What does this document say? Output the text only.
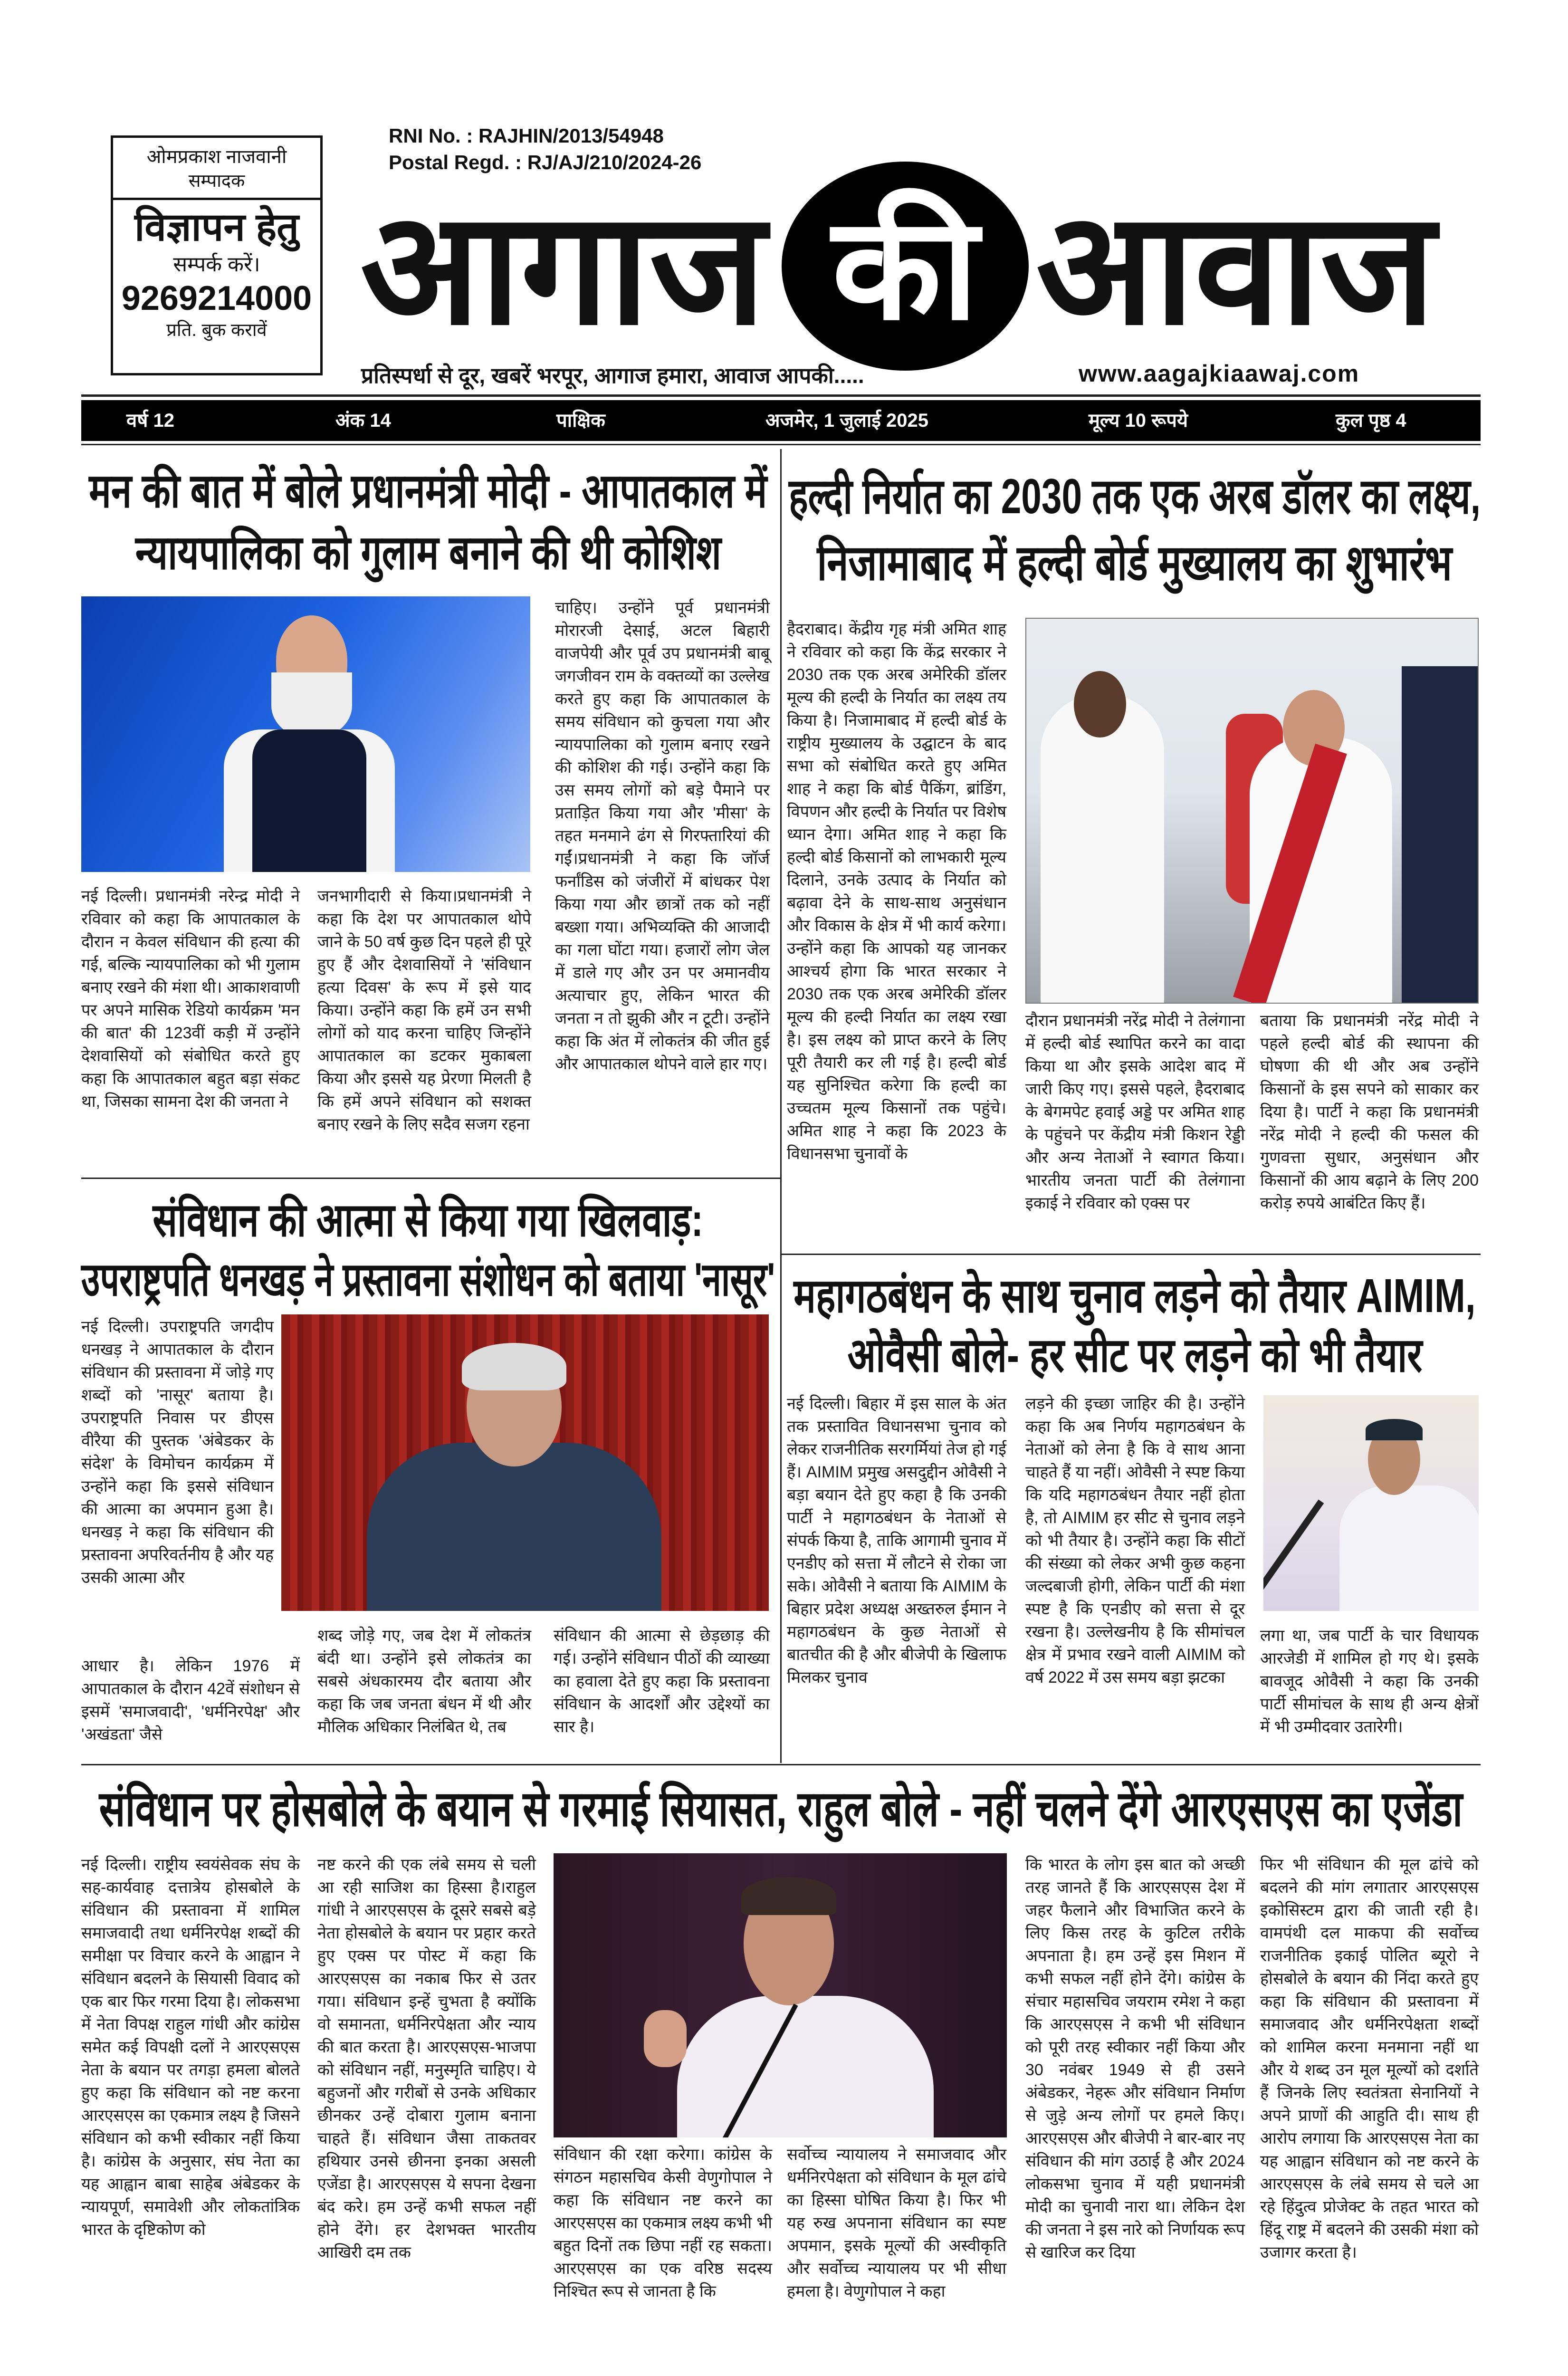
ओमप्रकाश नाजवानी
सम्पादक
विज्ञापन हेतु
सम्पर्क करें।
9269214000
प्रति. बुक करावें
RNI No. : RAJHIN/2013/54948
Postal Regd. : RJ/AJ/210/2024-26
आगाज की आवाज
प्रतिस्पर्धा से दूर, खबरें भरपूर, आगाज हमारा, आवाज आपकी.....	www.aagajkiaawaj.com
वर्ष 12	अंक 14	पाक्षिक	अजमेर, 1 जुलाई 2025	मूल्य 10 रूपये	कुल पृष्ठ 4
मन की बात में बोले प्रधानमंत्री मोदी - आपातकाल में
न्यायपालिका को गुलाम बनाने की थी कोशिश
नई दिल्ली। प्रधानमंत्री नरेन्द्र मोदी ने रविवार को कहा कि आपातकाल के दौरान न केवल संविधान की हत्या की गई, बल्कि न्यायपालिका को भी गुलाम बनाए रखने की मंशा थी। आकाशवाणी पर अपने मासिक रेडियो कार्यक्रम 'मन की बात' की 123वीं कड़ी में उन्होंने देशवासियों को संबोधित करते हुए कहा कि आपातकाल बहुत बड़ा संकट था, जिसका सामना देश की जनता ने
जनभागीदारी से किया।प्रधानमंत्री ने कहा कि देश पर आपातकाल थोपे जाने के 50 वर्ष कुछ दिन पहले ही पूरे हुए हैं और देशवासियों ने 'संविधान हत्या दिवस' के रूप में इसे याद किया। उन्होंने कहा कि हमें उन सभी लोगों को याद करना चाहिए जिन्होंने आपातकाल का डटकर मुकाबला किया और इससे यह प्रेरणा मिलती है कि हमें अपने संविधान को सशक्त बनाए रखने के लिए सदैव सजग रहना
चाहिए। उन्होंने पूर्व प्रधानमंत्री मोरारजी देसाई, अटल बिहारी वाजपेयी और पूर्व उप प्रधानमंत्री बाबू जगजीवन राम के वक्तव्यों का उल्लेख करते हुए कहा कि आपातकाल के समय संविधान को कुचला गया और न्यायपालिका को गुलाम बनाए रखने की कोशिश की गई। उन्होंने कहा कि उस समय लोगों को बड़े पैमाने पर प्रताड़ित किया गया और 'मीसा' के तहत मनमाने ढंग से गिरफ्तारियां की गईं।प्रधानमंत्री ने कहा कि जॉर्ज फर्नांडिस को जंजीरों में बांधकर पेश किया गया और छात्रों तक को नहीं बख्शा गया। अभिव्यक्ति की आजादी का गला घोंटा गया। हजारों लोग जेल में डाले गए और उन पर अमानवीय अत्याचार हुए, लेकिन भारत की जनता न तो झुकी और न टूटी। उन्होंने कहा कि अंत में लोकतंत्र की जीत हुई और आपातकाल थोपने वाले हार गए।
हल्दी निर्यात का 2030 तक एक अरब डॉलर का लक्ष्य,
निजामाबाद में हल्दी बोर्ड मुख्यालय का शुभारंभ
हैदराबाद। केंद्रीय गृह मंत्री अमित शाह ने रविवार को कहा कि केंद्र सरकार ने 2030 तक एक अरब अमेरिकी डॉलर मूल्य की हल्दी के निर्यात का लक्ष्य तय किया है। निजामाबाद में हल्दी बोर्ड के राष्ट्रीय मुख्यालय के उद्घाटन के बाद सभा को संबोधित करते हुए अमित शाह ने कहा कि बोर्ड पैकिंग, ब्रांडिंग, विपणन और हल्दी के निर्यात पर विशेष ध्यान देगा। अमित शाह ने कहा कि हल्दी बोर्ड किसानों को लाभकारी मूल्य दिलाने, उनके उत्पाद के निर्यात को बढ़ावा देने के साथ-साथ अनुसंधान और विकास के क्षेत्र में भी कार्य करेगा। उन्होंने कहा कि आपको यह जानकर आश्चर्य होगा कि भारत सरकार ने 2030 तक एक अरब अमेरिकी डॉलर मूल्य की हल्दी निर्यात का लक्ष्य रखा है। इस लक्ष्य को प्राप्त करने के लिए पूरी तैयारी कर ली गई है। हल्दी बोर्ड यह सुनिश्चित करेगा कि हल्दी का उच्चतम मूल्य किसानों तक पहुंचे। अमित शाह ने कहा कि 2023 के विधानसभा चुनावों के
दौरान प्रधानमंत्री नरेंद्र मोदी ने तेलंगाना में हल्दी बोर्ड स्थापित करने का वादा किया था और इसके आदेश बाद में जारी किए गए। इससे पहले, हैदराबाद के बेगमपेट हवाई अड्डे पर अमित शाह के पहुंचने पर केंद्रीय मंत्री किशन रेड्डी और अन्य नेताओं ने स्वागत किया। भारतीय जनता पार्टी की तेलंगाना इकाई ने रविवार को एक्स पर
बताया कि प्रधानमंत्री नरेंद्र मोदी ने पहले हल्दी बोर्ड की स्थापना की घोषणा की थी और अब उन्होंने किसानों के इस सपने को साकार कर दिया है। पार्टी ने कहा कि प्रधानमंत्री नरेंद्र मोदी ने हल्दी की फसल की गुणवत्ता सुधार, अनुसंधान और किसानों की आय बढ़ाने के लिए 200 करोड़ रुपये आबंटित किए हैं।
संविधान की आत्मा से किया गया खिलवाड़:
उपराष्ट्रपति धनखड़ ने प्रस्तावना संशोधन को बताया 'नासूर'
नई दिल्ली। उपराष्ट्रपति जगदीप धनखड़ ने आपातकाल के दौरान संविधान की प्रस्तावना में जोड़े गए शब्दों को 'नासूर' बताया है। उपराष्ट्रपति निवास पर डीएस वीरैया की पुस्तक 'अंबेडकर के संदेश' के विमोचन कार्यक्रम में उन्होंने कहा कि इससे संविधान की आत्मा का अपमान हुआ है। धनखड़ ने कहा कि संविधान की प्रस्तावना अपरिवर्तनीय है और यह उसकी आत्मा और
आधार है। लेकिन 1976 में आपातकाल के दौरान 42वें संशोधन से इसमें 'समाजवादी', 'धर्मनिरपेक्ष' और 'अखंडता' जैसे
शब्द जोड़े गए, जब देश में लोकतंत्र बंदी था। उन्होंने इसे लोकतंत्र का सबसे अंधकारमय दौर बताया और कहा कि जब जनता बंधन में थी और मौलिक अधिकार निलंबित थे, तब
संविधान की आत्मा से छेड़छाड़ की गई। उन्होंने संविधान पीठों की व्याख्या का हवाला देते हुए कहा कि प्रस्तावना संविधान के आदर्शों और उद्देश्यों का सार है।
महागठबंधन के साथ चुनाव लड़ने को तैयार AIMIM,
ओवैसी बोले- हर सीट पर लड़ने को भी तैयार
नई दिल्ली। बिहार में इस साल के अंत तक प्रस्तावित विधानसभा चुनाव को लेकर राजनीतिक सरगर्मियां तेज हो गई हैं। AIMIM प्रमुख असदुद्दीन ओवैसी ने बड़ा बयान देते हुए कहा है कि उनकी पार्टी ने महागठबंधन के नेताओं से संपर्क किया है, ताकि आगामी चुनाव में एनडीए को सत्ता में लौटने से रोका जा सके। ओवैसी ने बताया कि AIMIM के बिहार प्रदेश अध्यक्ष अख्तरुल ईमान ने महागठबंधन के कुछ नेताओं से बातचीत की है और बीजेपी के खिलाफ मिलकर चुनाव
लड़ने की इच्छा जाहिर की है। उन्होंने कहा कि अब निर्णय महागठबंधन के नेताओं को लेना है कि वे साथ आना चाहते हैं या नहीं। ओवैसी ने स्पष्ट किया कि यदि महागठबंधन तैयार नहीं होता है, तो AIMIM हर सीट से चुनाव लड़ने को भी तैयार है। उन्होंने कहा कि सीटों की संख्या को लेकर अभी कुछ कहना जल्दबाजी होगी, लेकिन पार्टी की मंशा स्पष्ट है कि एनडीए को सत्ता से दूर रखना है। उल्लेखनीय है कि सीमांचल क्षेत्र में प्रभाव रखने वाली AIMIM को वर्ष 2022 में उस समय बड़ा झटका
लगा था, जब पार्टी के चार विधायक आरजेडी में शामिल हो गए थे। इसके बावजूद ओवैसी ने कहा कि उनकी पार्टी सीमांचल के साथ ही अन्य क्षेत्रों में भी उम्मीदवार उतारेगी।
संविधान पर होसबोले के बयान से गरमाई सियासत, राहुल बोले - नहीं चलने देंगे आरएसएस का एजेंडा
नई दिल्ली। राष्ट्रीय स्वयंसेवक संघ के सह-कार्यवाह दत्तात्रेय होसबोले के संविधान की प्रस्तावना में शामिल समाजवादी तथा धर्मनिरपेक्ष शब्दों की समीक्षा पर विचार करने के आह्वान ने संविधान बदलने के सियासी विवाद को एक बार फिर गरमा दिया है। लोकसभा में नेता विपक्ष राहुल गांधी और कांग्रेस समेत कई विपक्षी दलों ने आरएसएस नेता के बयान पर तगड़ा हमला बोलते हुए कहा कि संविधान को नष्ट करना आरएसएस का एकमात्र लक्ष्य है जिसने संविधान को कभी स्वीकार नहीं किया है। कांग्रेस के अनुसार, संघ नेता का यह आह्वान बाबा साहेब अंबेडकर के न्यायपूर्ण, समावेशी और लोकतांत्रिक भारत के दृष्टिकोण को
नष्ट करने की एक लंबे समय से चली आ रही साजिश का हिस्सा है।राहुल गांधी ने आरएसएस के दूसरे सबसे बड़े नेता होसबोले के बयान पर प्रहार करते हुए एक्स पर पोस्ट में कहा कि आरएसएस का नकाब फिर से उतर गया। संविधान इन्हें चुभता है क्योंकि वो समानता, धर्मनिरपेक्षता और न्याय की बात करता है। आरएसएस-भाजपा को संविधान नहीं, मनुस्मृति चाहिए। ये बहुजनों और गरीबों से उनके अधिकार छीनकर उन्हें दोबारा गुलाम बनाना चाहते हैं। संविधान जैसा ताकतवर हथियार उनसे छीनना इनका असली एजेंडा है। आरएसएस ये सपना देखना बंद करे। हम उन्हें कभी सफल नहीं होने देंगे। हर देशभक्त भारतीय आखिरी दम तक
संविधान की रक्षा करेगा। कांग्रेस के संगठन महासचिव केसी वेणुगोपाल ने कहा कि संविधान नष्ट करने का आरएसएस का एकमात्र लक्ष्य कभी भी बहुत दिनों तक छिपा नहीं रह सकता। आरएसएस का एक वरिष्ठ सदस्य निश्चित रूप से जानता है कि
सर्वोच्च न्यायालय ने समाजवाद और धर्मनिरपेक्षता को संविधान के मूल ढांचे का हिस्सा घोषित किया है। फिर भी यह रुख अपनाना संविधान का स्पष्ट अपमान, इसके मूल्यों की अस्वीकृति और सर्वोच्च न्यायालय पर भी सीधा हमला है। वेणुगोपाल ने कहा
कि भारत के लोग इस बात को अच्छी तरह जानते हैं कि आरएसएस देश में जहर फैलाने और विभाजित करने के लिए किस तरह के कुटिल तरीके अपनाता है। हम उन्हें इस मिशन में कभी सफल नहीं होने देंगे। कांग्रेस के संचार महासचिव जयराम रमेश ने कहा कि आरएसएस ने कभी भी संविधान को पूरी तरह स्वीकार नहीं किया और 30 नवंबर 1949 से ही उसने अंबेडकर, नेहरू और संविधान निर्माण से जुड़े अन्य लोगों पर हमले किए। आरएसएस और बीजेपी ने बार-बार नए संविधान की मांग उठाई है और 2024 लोकसभा चुनाव में यही प्रधानमंत्री मोदी का चुनावी नारा था। लेकिन देश की जनता ने इस नारे को निर्णायक रूप से खारिज कर दिया
फिर भी संविधान की मूल ढांचे को बदलने की मांग लगातार आरएसएस इकोसिस्टम द्वारा की जाती रही है। वामपंथी दल माकपा की सर्वोच्च राजनीतिक इकाई पोलित ब्यूरो ने होसबोले के बयान की निंदा करते हुए कहा कि संविधान की प्रस्तावना में समाजवाद और धर्मनिरपेक्षता शब्दों को शामिल करना मनमाना नहीं था और ये शब्द उन मूल मूल्यों को दर्शाते हैं जिनके लिए स्वतंत्रता सेनानियों ने अपने प्राणों की आहुति दी। साथ ही आरोप लगाया कि आरएसएस नेता का यह आह्वान संविधान को नष्ट करने के आरएसएस के लंबे समय से चले आ रहे हिंदुत्व प्रोजेक्ट के तहत भारत को हिंदू राष्ट्र में बदलने की उसकी मंशा को उजागर करता है।
